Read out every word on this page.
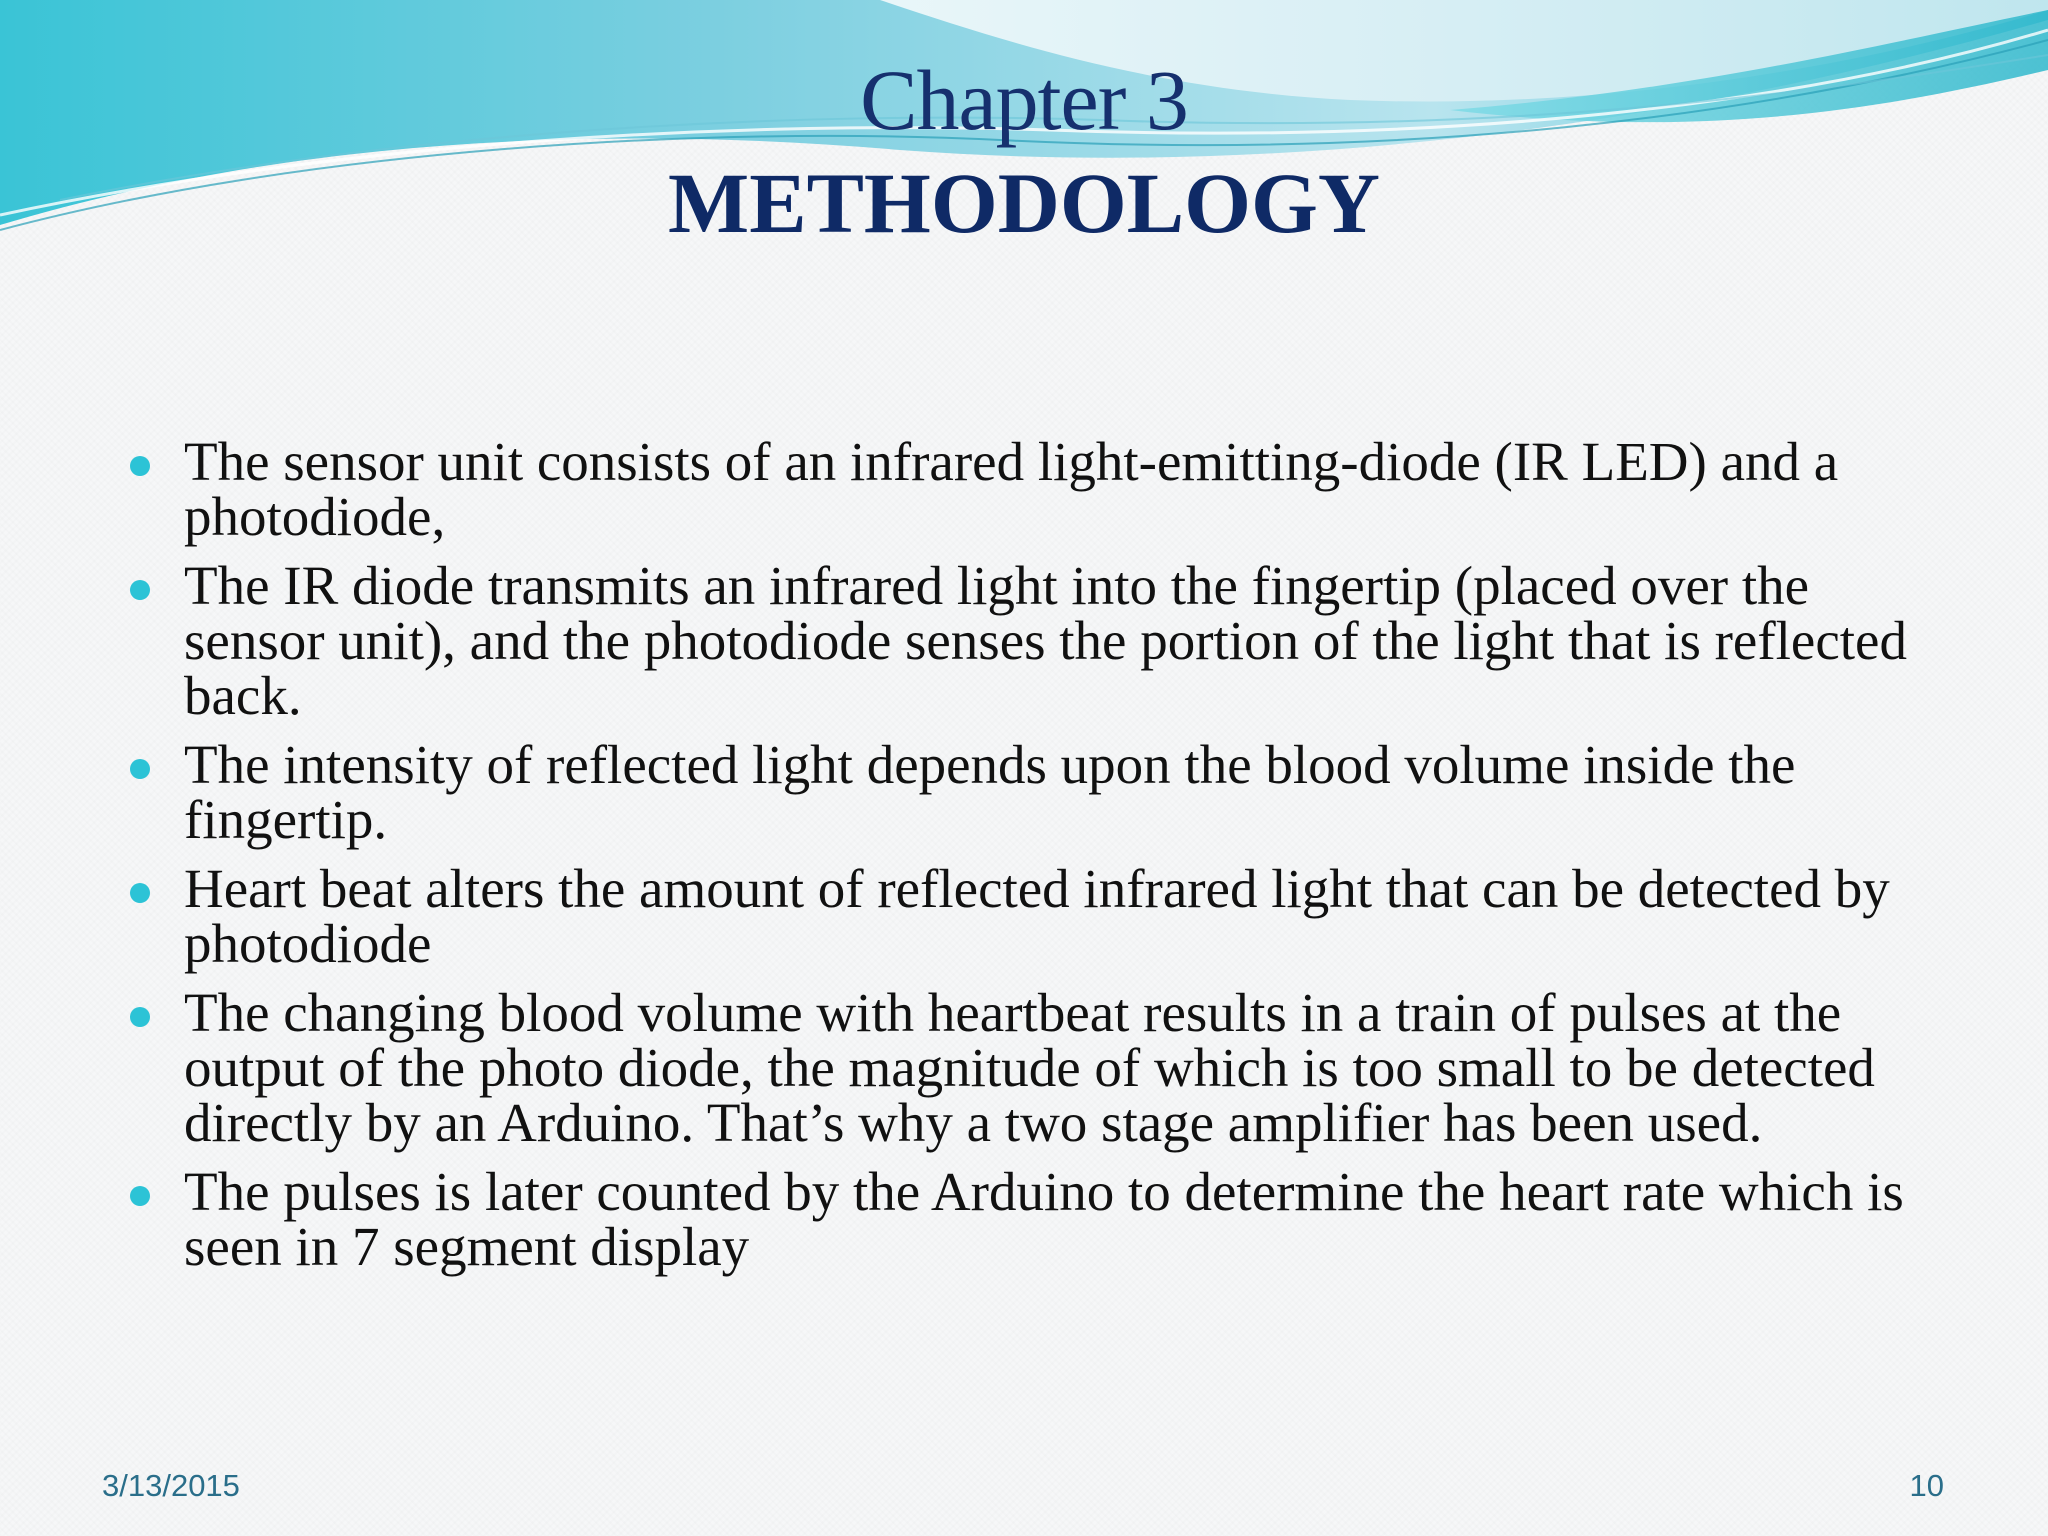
Chapter 3
METHODOLOGY
The sensor unit consists of an infrared light-emitting-diode (IR LED) and a photodiode,
The IR diode transmits an infrared light into the fingertip (placed over the sensor unit), and the photodiode senses the portion of the light that is reflected back.
The intensity of reflected light depends upon the blood volume inside the fingertip.
Heart beat alters the amount of reflected infrared light that can be detected by photodiode
The changing blood volume with heartbeat results in a train of pulses at the output of the photo diode, the magnitude of which is too small to be detected directly by an Arduino. That’s why a two stage amplifier has been used.
The pulses is later counted by the Arduino to determine the heart rate which is seen in 7 segment display
3/13/2015	10
